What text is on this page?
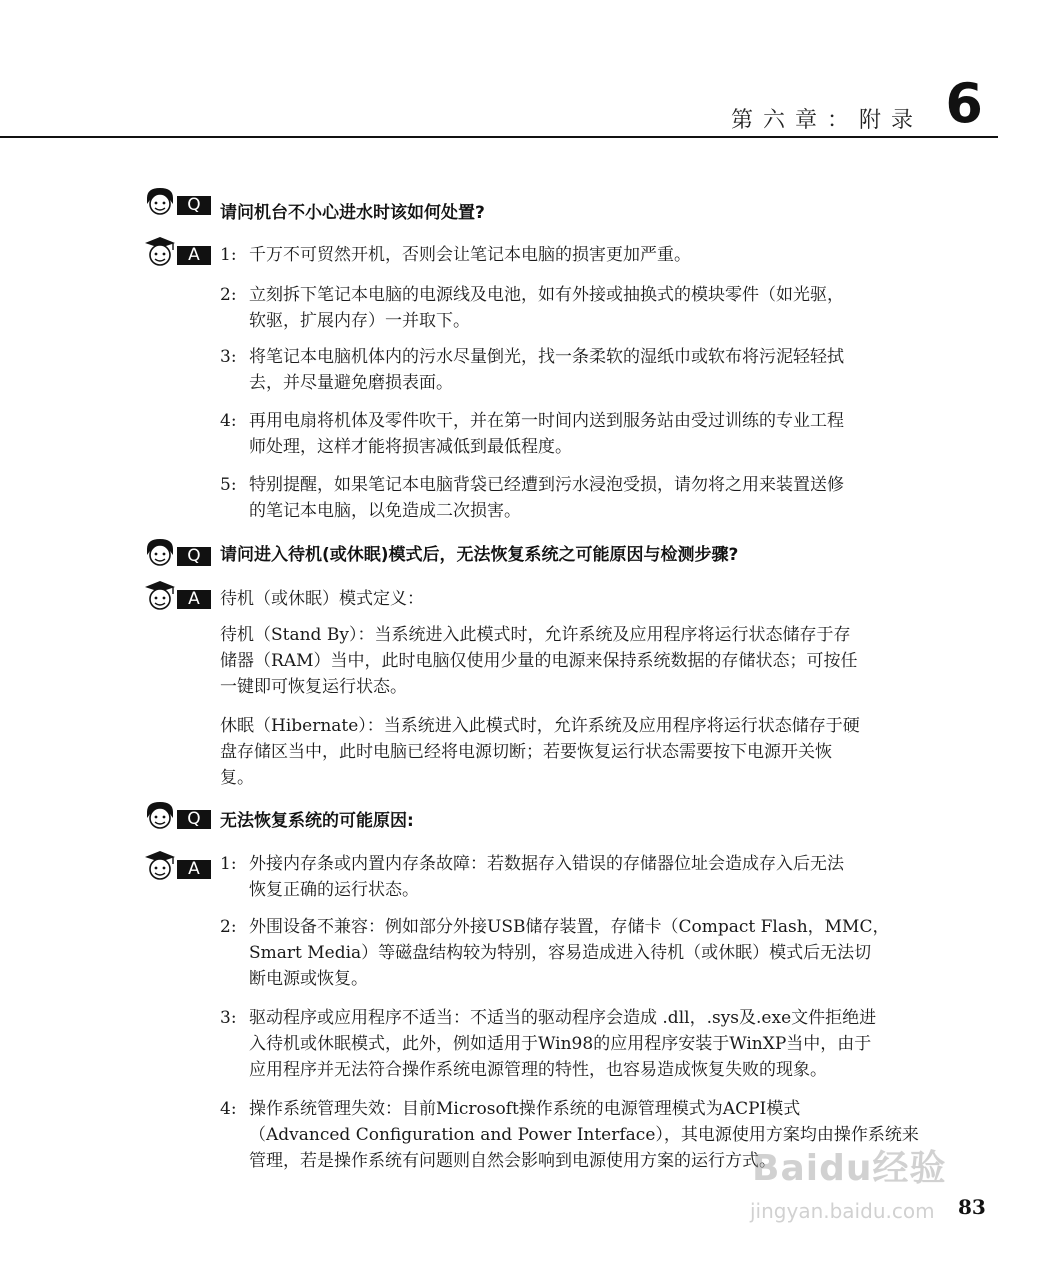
第六章：附录 6
Q	请问机台不小心进水时该如何处置?
A	1: 千万不可贸然开机，否则会让笔记本电脑的损害更加严重。
2: 立刻拆下笔记本电脑的电源线及电池，如有外接或抽换式的模块零件（如光驱，
软驱，扩展内存）一并取下。
3: 将笔记本电脑机体内的污水尽量倒光，找一条柔软的湿纸巾或软布将污泥轻轻拭
去，并尽量避免磨损表面。
4: 再用电扇将机体及零件吹干，并在第一时间内送到服务站由受过训练的专业工程
师处理，这样才能将损害减低到最低程度。
5: 特别提醒，如果笔记本电脑背袋已经遭到污水浸泡受损，请勿将之用来装置送修
的笔记本电脑，以免造成二次损害。
Q	请问进入待机(或休眠)模式后，无法恢复系统之可能原因与检测步骤?
A	待机（或休眠）模式定义：
待机（Stand By）：当系统进入此模式时，允许系统及应用程序将运行状态储存于存
储器（RAM）当中，此时电脑仅使用少量的电源来保持系统数据的存储状态；可按任
一键即可恢复运行状态。
休眠（Hibernate）：当系统进入此模式时，允许系统及应用程序将运行状态储存于硬
盘存储区当中，此时电脑已经将电源切断；若要恢复运行状态需要按下电源开关恢
复。
Q	无法恢复系统的可能原因:
A	1: 外接内存条或内置内存条故障：若数据存入错误的存储器位址会造成存入后无法
恢复正确的运行状态。
2: 外围设备不兼容：例如部分外接USB储存装置，存储卡（Compact Flash，MMC，
Smart Media）等磁盘结构较为特别，容易造成进入待机（或休眠）模式后无法切
断电源或恢复。
3: 驱动程序或应用程序不适当：不适当的驱动程序会造成 .dll，.sys及.exe文件拒绝进
入待机或休眠模式，此外，例如适用于Win98的应用程序安装于WinXP当中，由于
应用程序并无法符合操作系统电源管理的特性，也容易造成恢复失败的现象。
4: 操作系统管理失效：目前Microsoft操作系统的电源管理模式为ACPI模式
（Advanced Configuration and Power Interface），其电源使用方案均由操作系统来
管理，若是操作系统有问题则自然会影响到电源使用方案的运行方式。
Baidu经验
jingyan.baidu.com	83
